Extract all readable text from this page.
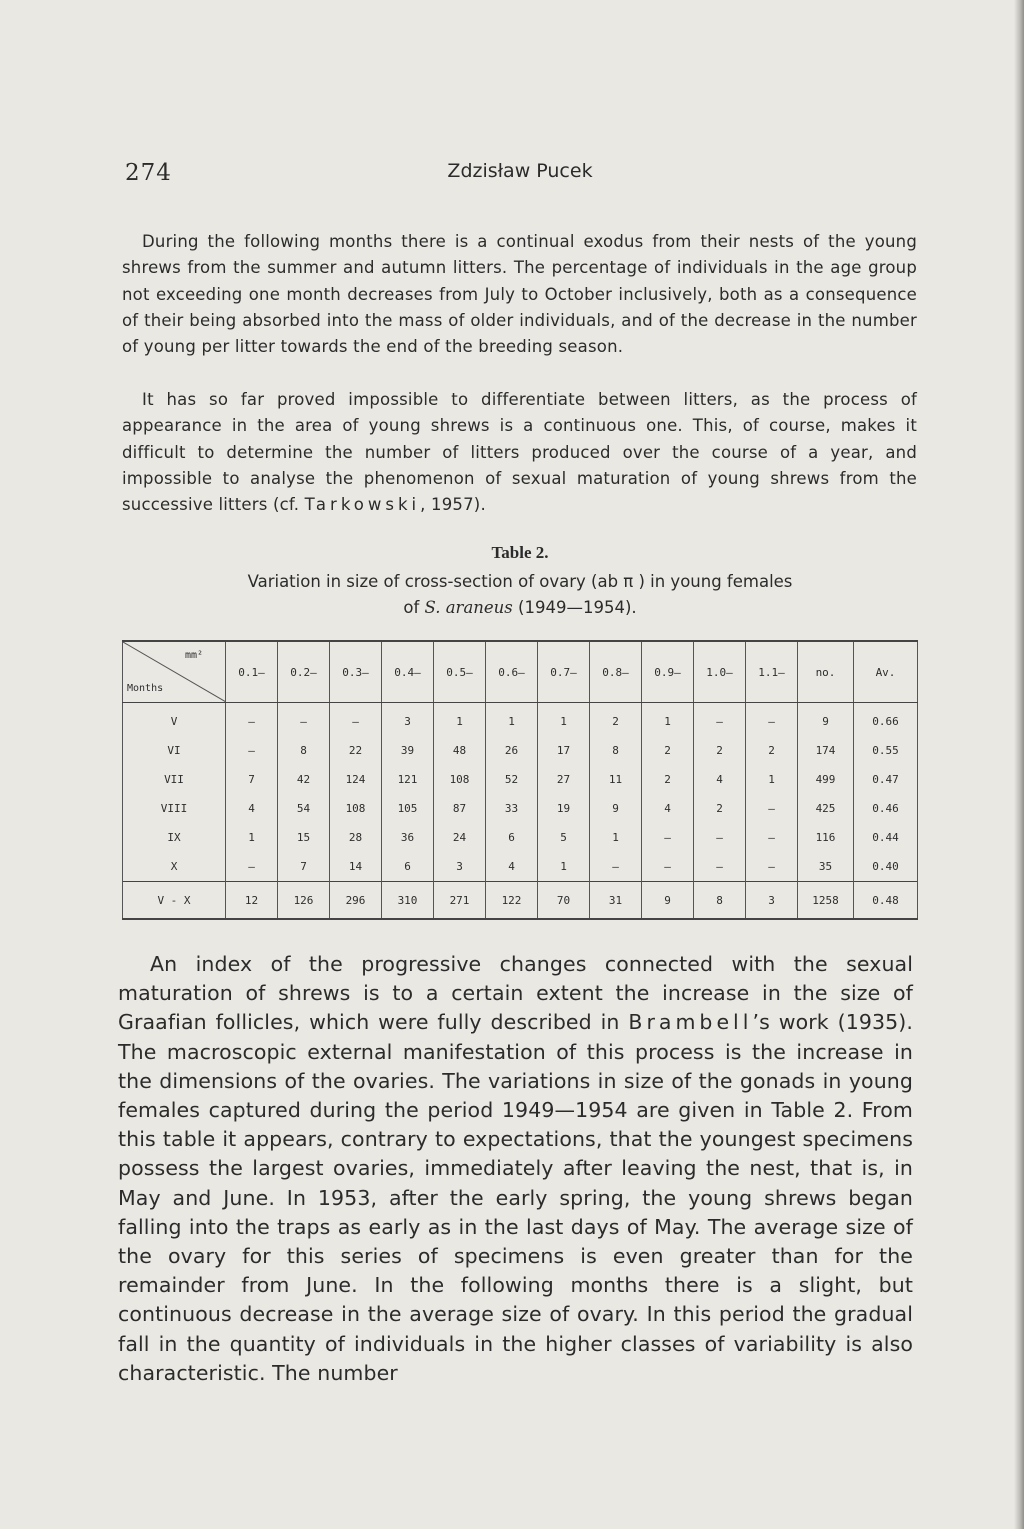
274	Zdzisław Pucek

During the following months there is a continual exodus from their nests of the young shrews from the summer and autumn litters. The percentage of individuals in the age group not exceeding one month decreases from July to October inclusively, both as a consequence of their being absorbed into the mass of older individuals, and of the decrease in the number of young per litter towards the end of the breeding season.

It has so far proved impossible to differentiate between litters, as the process of appearance in the area of young shrews is a continuous one. This, of course, makes it difficult to determine the number of litters produced over the course of a year, and impossible to analyse the phenomenon of sexual maturation of young shrews from the successive litters (cf. Tarkowski, 1957).

Table 2.
Variation in size of cross-section of ovary (ab π ) in young females
of S. araneus (1949—1954).
mm²
Months	0.1–	0.2–	0.3–	0.4–	0.5–	0.6–	0.7–	0.8–	0.9–	1.0–	1.1–	no.	Av.
V	–	–	–	3	1	1	1	2	1	–	–	9	0.66
VI	–	8	22	39	48	26	17	8	2	2	2	174	0.55
VII	7	42	124	121	108	52	27	11	2	4	1	499	0.47
VIII	4	54	108	105	87	33	19	9	4	2	–	425	0.46
IX	1	15	28	36	24	6	5	1	–	–	–	116	0.44
X	–	7	14	6	3	4	1	–	–	–	–	35	0.40
V - X	12	126	296	310	271	122	70	31	9	8	3	1258	0.48

An index of the progressive changes connected with the sexual maturation of shrews is to a certain extent the increase in the size of Graafian follicles, which were fully described in Brambell’s work (1935). The macroscopic external manifestation of this process is the increase in the dimensions of the ovaries. The variations in size of the gonads in young females captured during the period 1949—1954 are given in Table 2. From this table it appears, contrary to expectations, that the youngest specimens possess the largest ovaries, immediately after leaving the nest, that is, in May and June. In 1953, after the early spring, the young shrews began falling into the traps as early as in the last days of May. The average size of the ovary for this series of specimens is even greater than for the remainder from June. In the following months there is a slight, but continuous decrease in the average size of ovary. In this period the gradual fall in the quantity of individuals in the higher classes of variability is also characteristic. The number
